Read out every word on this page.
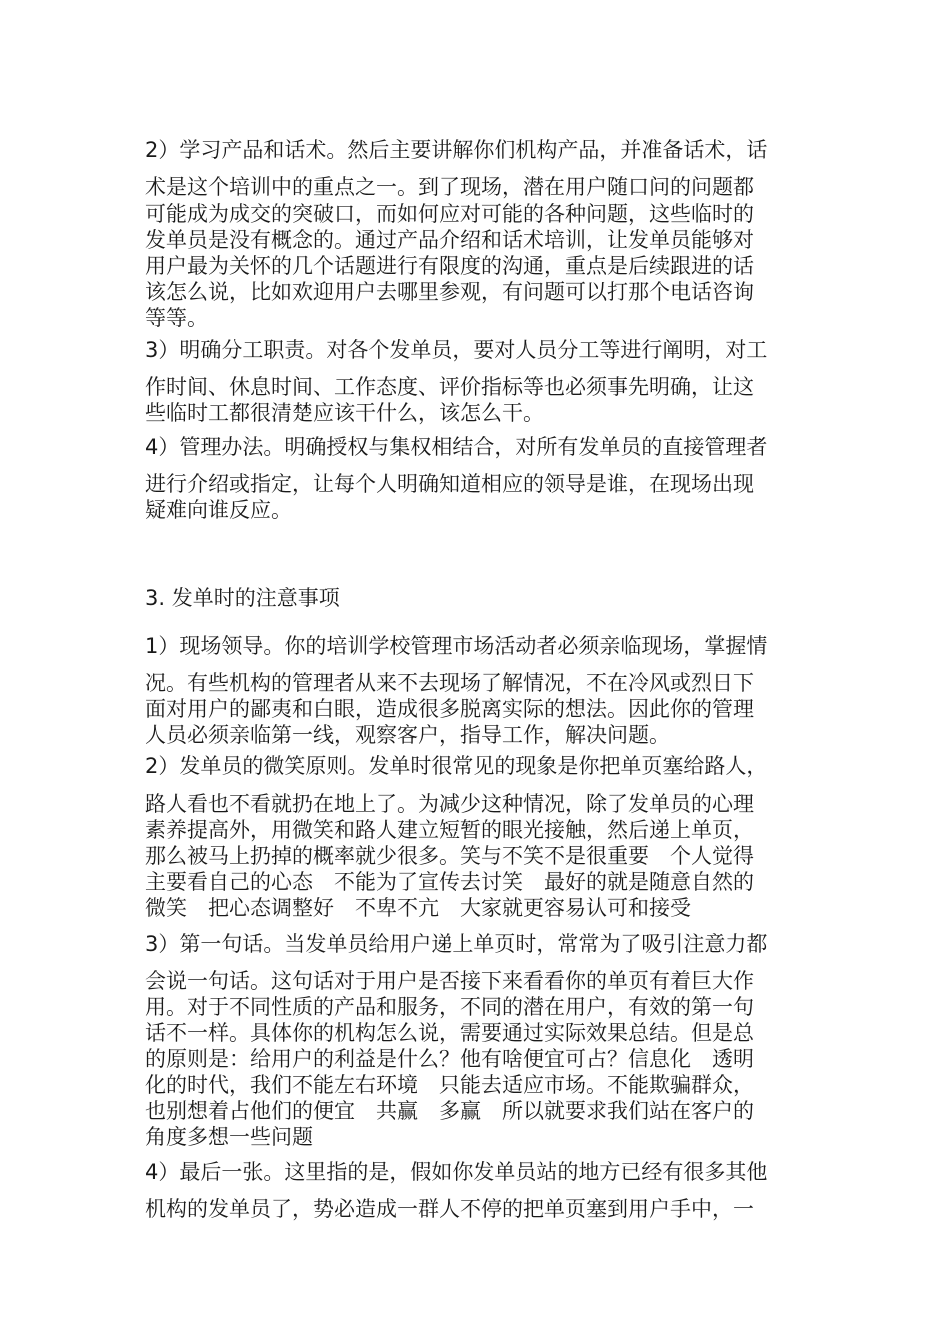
2）学习产品和话术。然后主要讲解你们机构产品，并准备话术，话
术是这个培训中的重点之一。到了现场，潜在用户随口问的问题都
可能成为成交的突破口，而如何应对可能的各种问题，这些临时的
发单员是没有概念的。通过产品介绍和话术培训，让发单员能够对
用户最为关怀的几个话题进行有限度的沟通，重点是后续跟进的话
该怎么说，比如欢迎用户去哪里参观，有问题可以打那个电话咨询
等等。
3）明确分工职责。对各个发单员，要对人员分工等进行阐明，对工
作时间、休息时间、工作态度、评价指标等也必须事先明确，让这
些临时工都很清楚应该干什么，该怎么干。
4）管理办法。明确授权与集权相结合，对所有发单员的直接管理者
进行介绍或指定，让每个人明确知道相应的领导是谁，在现场出现
疑难向谁反应。
3. 发单时的注意事项
1）现场领导。你的培训学校管理市场活动者必须亲临现场，掌握情
况。有些机构的管理者从来不去现场了解情况，不在冷风或烈日下
面对用户的鄙夷和白眼，造成很多脱离实际的想法。因此你的管理
人员必须亲临第一线，观察客户，指导工作，解决问题。
2）发单员的微笑原则。发单时很常见的现象是你把单页塞给路人，
路人看也不看就扔在地上了。为减少这种情况，除了发单员的心理
素养提高外，用微笑和路人建立短暂的眼光接触，然后递上单页，
那么被马上扔掉的概率就少很多。笑与不笑不是很重要　个人觉得
主要看自己的心态　不能为了宣传去讨笑　最好的就是随意自然的
微笑　把心态调整好　不卑不亢　大家就更容易认可和接受
3）第一句话。当发单员给用户递上单页时，常常为了吸引注意力都
会说一句话。这句话对于用户是否接下来看看你的单页有着巨大作
用。对于不同性质的产品和服务，不同的潜在用户，有效的第一句
话不一样。具体你的机构怎么说，需要通过实际效果总结。但是总
的原则是：给用户的利益是什么？他有啥便宜可占？信息化　透明
化的时代，我们不能左右环境　只能去适应市场。不能欺骗群众，
也别想着占他们的便宜　共赢　多赢　所以就要求我们站在客户的
角度多想一些问题
4）最后一张。这里指的是，假如你发单员站的地方已经有很多其他
机构的发单员了，势必造成一群人不停的把单页塞到用户手中，一
